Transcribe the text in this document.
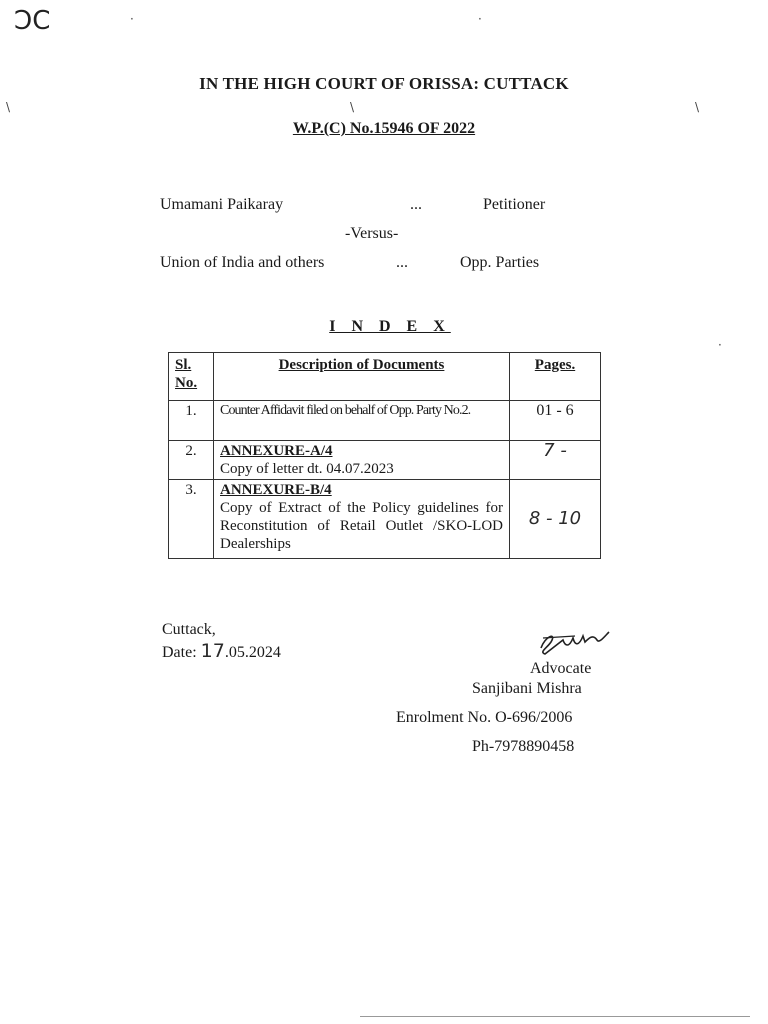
ƆC
\	\
\
·	·
·
IN THE HIGH COURT OF ORISSA: CUTTACK
W.P.(C) No.15946 OF 2022
Umamani Paikaray	...	Petitioner
-Versus-
Union of India and others	...	Opp. Parties
I N D E X
Sl. No.	Description of Documents	Pages.
1.	Counter Affidavit filed on behalf of Opp. Party No.2.	01 - 6
2.	ANNEXURE-A/4
Copy of letter dt. 04.07.2023	7 -
3.	ANNEXURE-B/4
Copy of Extract of the Policy guidelines for Reconstitution of Retail Outlet /SKO-LOD Dealerships	8 - 10
Cuttack,
Date: 17.05.2024
Advocate
Sanjibani Mishra
Enrolment No. O-696/2006
Ph-7978890458
